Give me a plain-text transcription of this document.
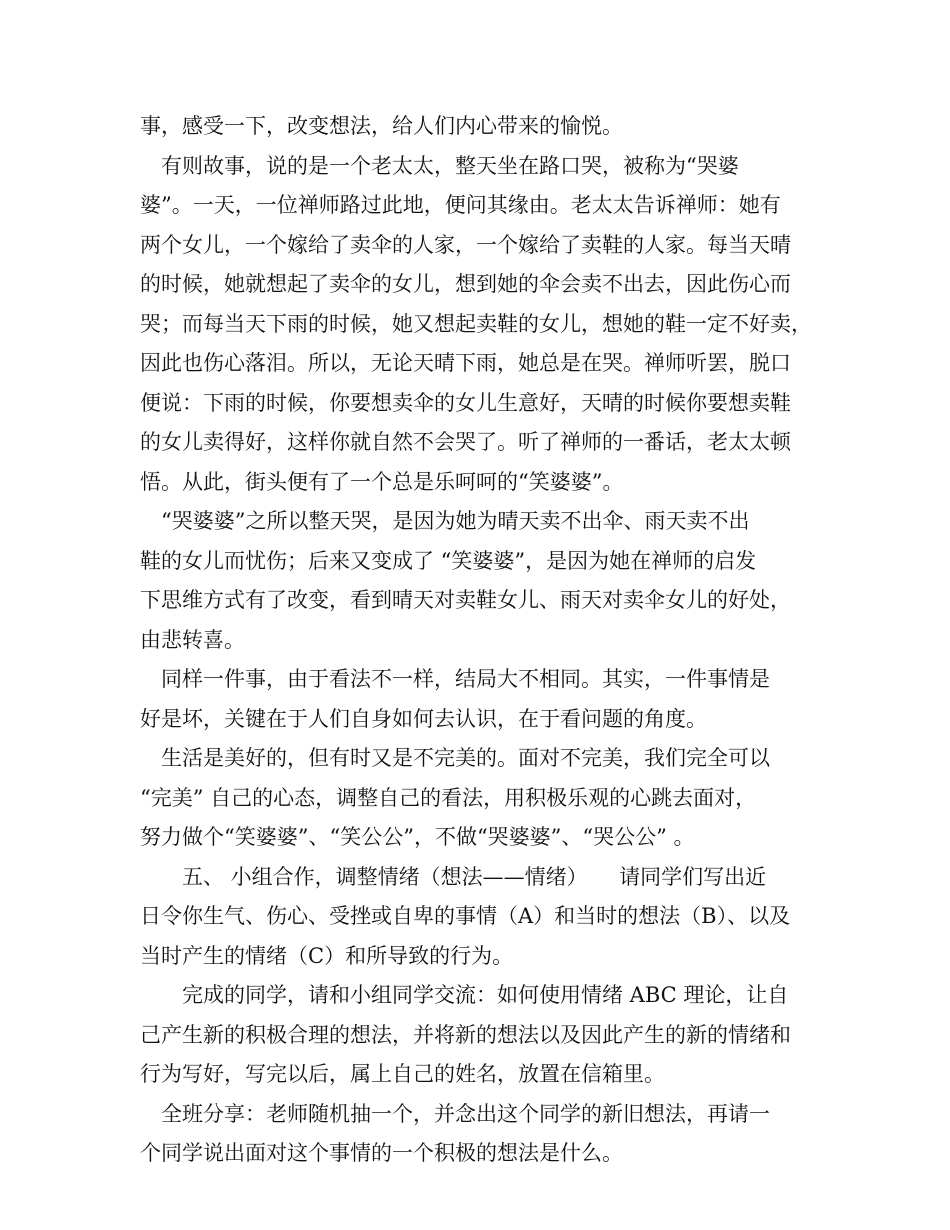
事，感受一下，改变想法，给人们内心带来的愉悦。

　有则故事，说的是一个老太太，整天坐在路口哭，被称为“哭婆

婆”。一天，一位禅师路过此地，便问其缘由。老太太告诉禅师：她有

两个女儿，一个嫁给了卖伞的人家，一个嫁给了卖鞋的人家。每当天晴

的时候，她就想起了卖伞的女儿，想到她的伞会卖不出去，因此伤心而

哭；而每当天下雨的时候，她又想起卖鞋的女儿，想她的鞋一定不好卖，

因此也伤心落泪。所以，无论天晴下雨，她总是在哭。禅师听罢，脱口

便说：下雨的时候，你要想卖伞的女儿生意好，天晴的时候你要想卖鞋

的女儿卖得好，这样你就自然不会哭了。听了禅师的一番话，老太太顿

悟。从此，街头便有了一个总是乐呵呵的“笑婆婆”。

　“哭婆婆”之所以整天哭，是因为她为晴天卖不出伞、雨天卖不出

鞋的女儿而忧伤；后来又变成了 “笑婆婆”，是因为她在禅师的启发

下思维方式有了改变，看到晴天对卖鞋女儿、雨天对卖伞女儿的好处，

由悲转喜。

　同样一件事，由于看法不一样，结局大不相同。其实，一件事情是

好是坏，关键在于人们自身如何去认识，在于看问题的角度。

　生活是美好的，但有时又是不完美的。面对不完美，我们完全可以

“完美” 自己的心态，调整自己的看法，用积极乐观的心跳去面对，

努力做个“笑婆婆”、“笑公公”，不做“哭婆婆”、“哭公公” 。

　　五、 小组合作，调整情绪（想法——情绪）　　请同学们写出近

日令你生气、伤心、受挫或自卑的事情（A）和当时的想法（B）、以及

当时产生的情绪（C）和所导致的行为。

　　完成的同学，请和小组同学交流：如何使用情绪 ABC 理论，让自

己产生新的积极合理的想法，并将新的想法以及因此产生的新的情绪和

行为写好，写完以后，属上自己的姓名，放置在信箱里。

　全班分享：老师随机抽一个，并念出这个同学的新旧想法，再请一

个同学说出面对这个事情的一个积极的想法是什么。
